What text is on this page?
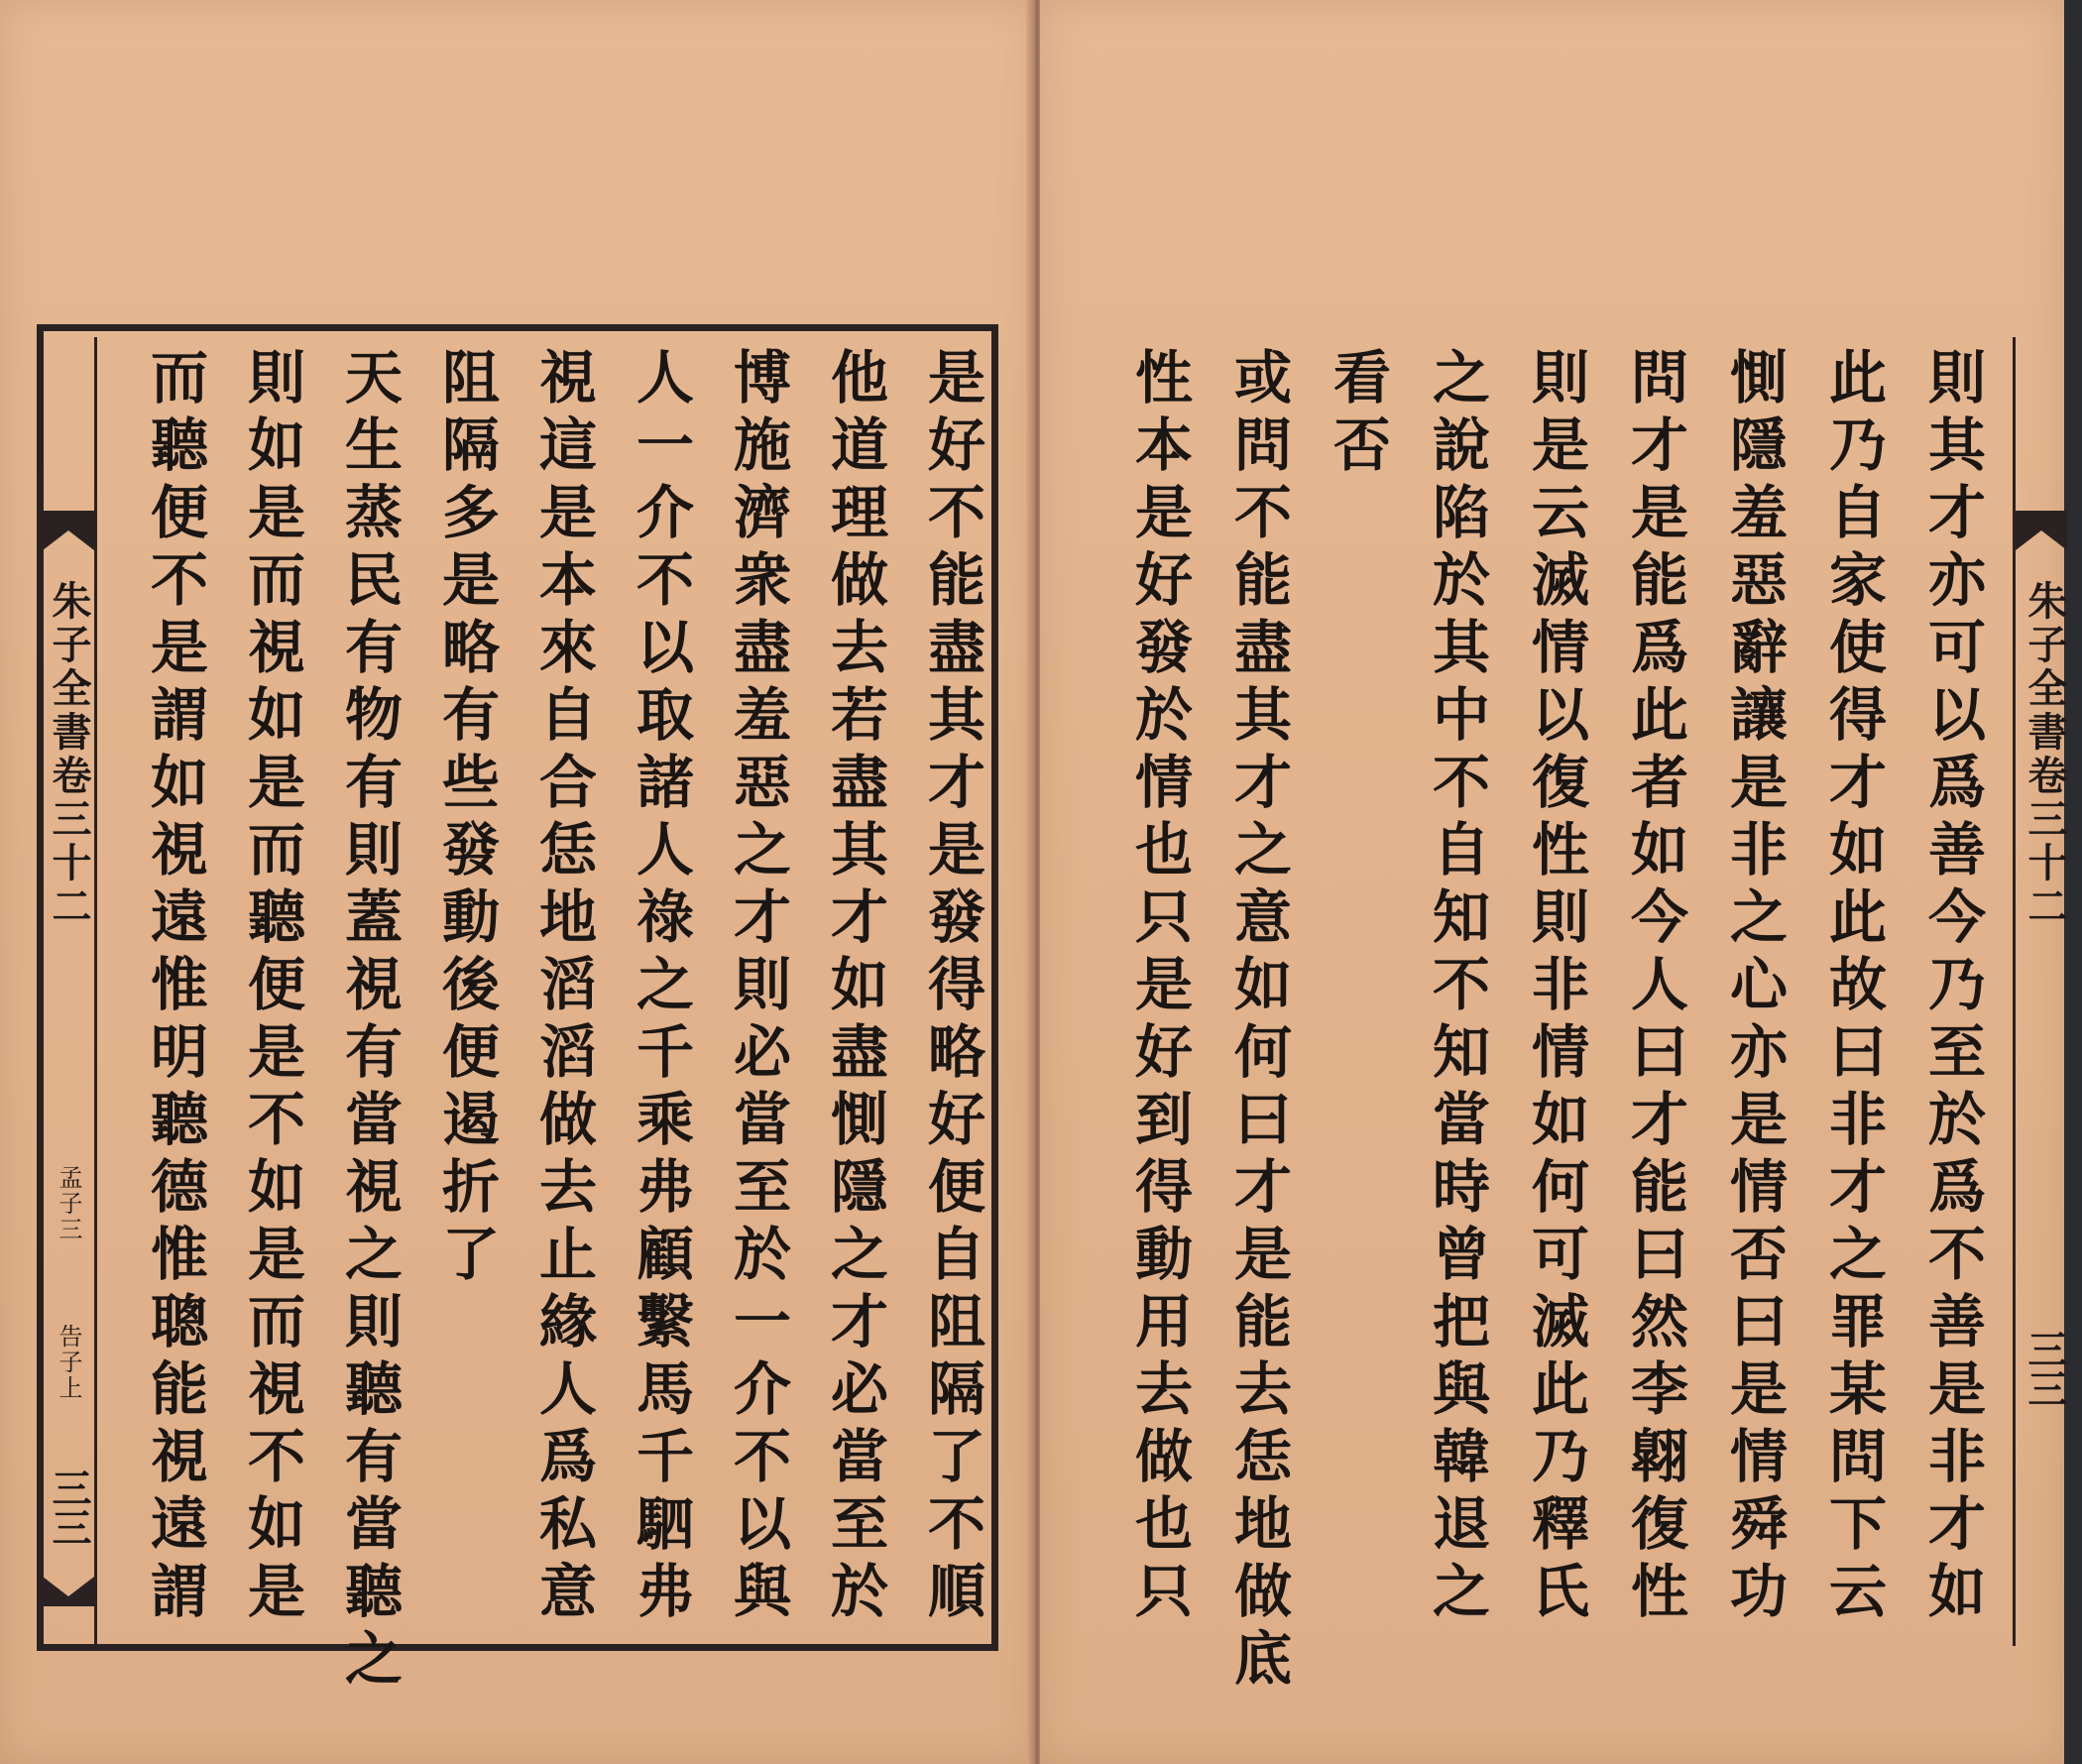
朱子全書卷三十二
孟子三
告子上
三三	是好不能盡其才是發得略好便自阻隔了不順
他道理做去若盡其才如盡惻隱之才必當至於
博施濟衆盡羞惡之才則必當至於一介不以與
人一介不以取諸人祿之千乘弗顧繫馬千駟弗
視這是本來自合恁地滔滔做去止緣人爲私意
阻隔多是略有些發動後便遏折了
天生蒸民有物有則蓋視有當視之則聽有當聽之
則如是而視如是而聽便是不如是而視不如是
而聽便不是謂如視遠惟明聽德惟聰能視遠謂	則其才亦可以爲善今乃至於爲不善是非才如
此乃自家使得才如此故曰非才之罪某問下云
惻隱羞惡辭讓是非之心亦是情否曰是情舜功
問才是能爲此者如今人曰才能曰然李翺復性
則是云滅情以復性則非情如何可滅此乃釋氏
之說陷於其中不自知不知當時曾把與韓退之
看否
或問不能盡其才之意如何曰才是能去恁地做底
性本是好發於情也只是好到得動用去做也只	朱子全書卷三十二
三三
